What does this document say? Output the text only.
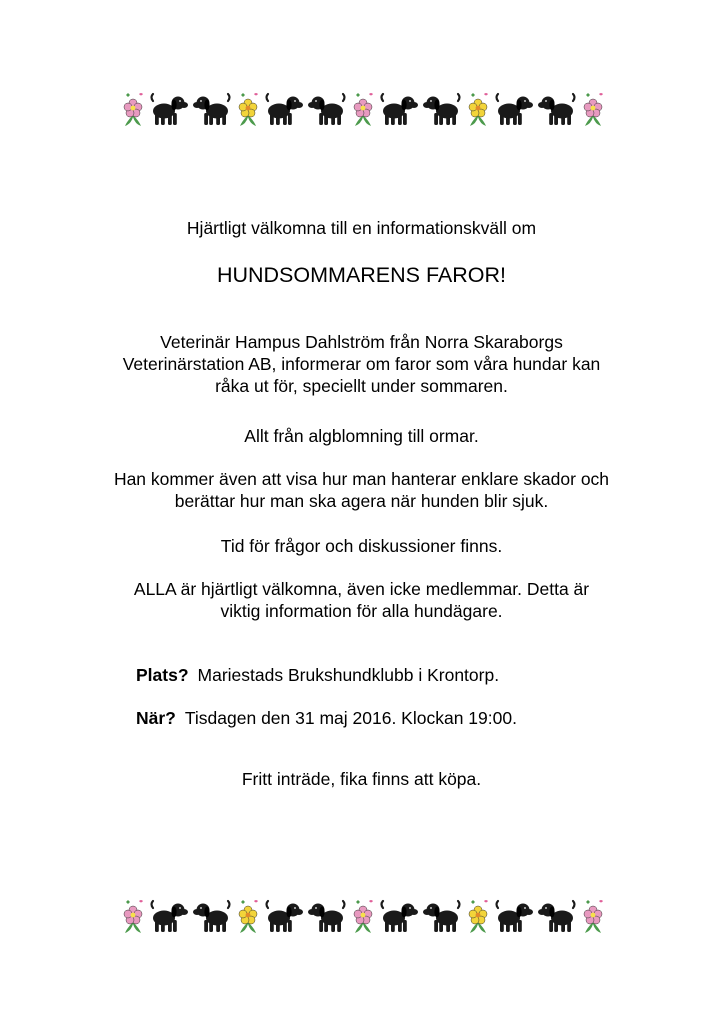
Hjärtligt välkomna till en informationskväll om
HUNDSOMMARENS FAROR!
Veterinär Hampus Dahlström från Norra Skaraborgs
Veterinärstation AB, informerar om faror som våra hundar kan
råka ut för, speciellt under sommaren.
Allt från algblomning till ormar.
Han kommer även att visa hur man hanterar enklare skador och
berättar hur man ska agera när hunden blir sjuk.
Tid för frågor och diskussioner finns.
ALLA är hjärtligt välkomna, även icke medlemmar. Detta är
viktig information för alla hundägare.
Plats? Mariestads Brukshundklubb i Krontorp.
När? Tisdagen den 31 maj 2016. Klockan 19:00.
Fritt inträde, fika finns att köpa.
